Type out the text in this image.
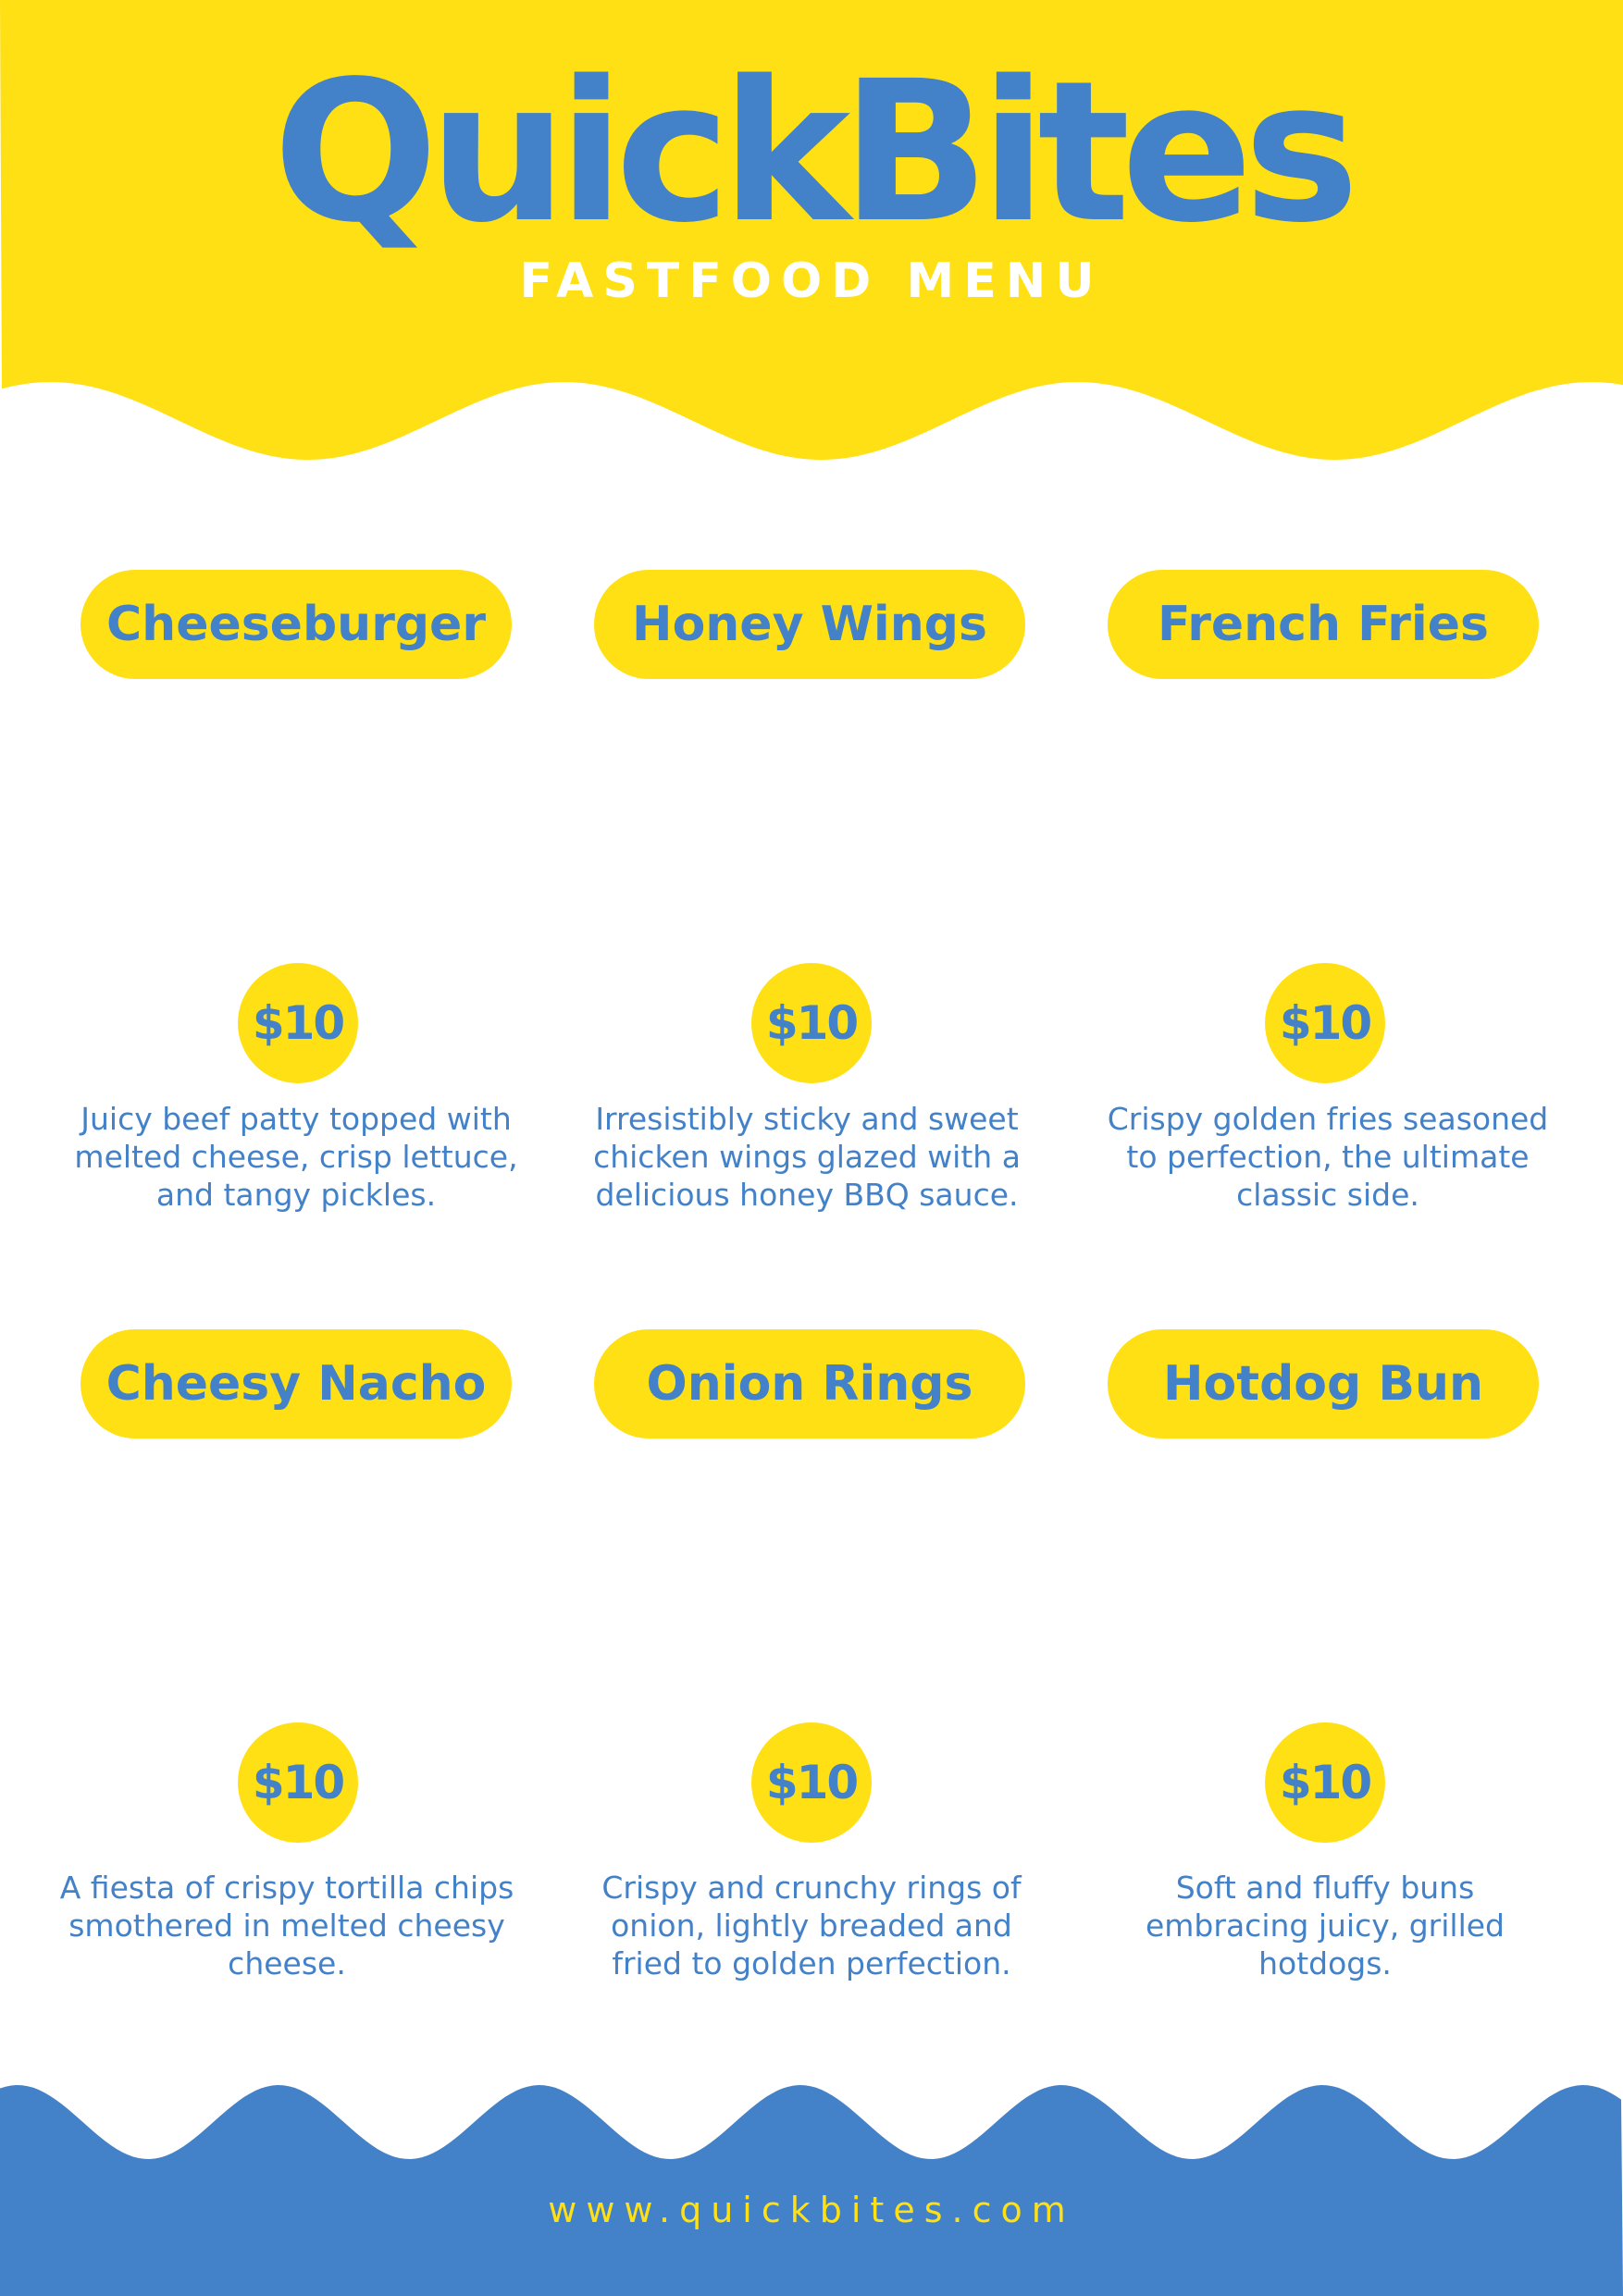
QuickBites
FASTFOOD MENU
Cheeseburger	Honey Wings	French Fries
$10	$10	$10
Juicy beef patty topped with
melted cheese, crisp lettuce,
and tangy pickles.
Irresistibly sticky and sweet
chicken wings glazed with a
delicious honey BBQ sauce.
Crispy golden fries seasoned
to perfection, the ultimate
classic side.
Cheesy Nacho	Onion Rings	Hotdog Bun
$10	$10	$10
A fiesta of crispy tortilla chips
smothered in melted cheesy
cheese.
Crispy and crunchy rings of
onion, lightly breaded and
fried to golden perfection.
Soft and fluffy buns
embracing juicy, grilled
hotdogs.
www.quickbites.com
